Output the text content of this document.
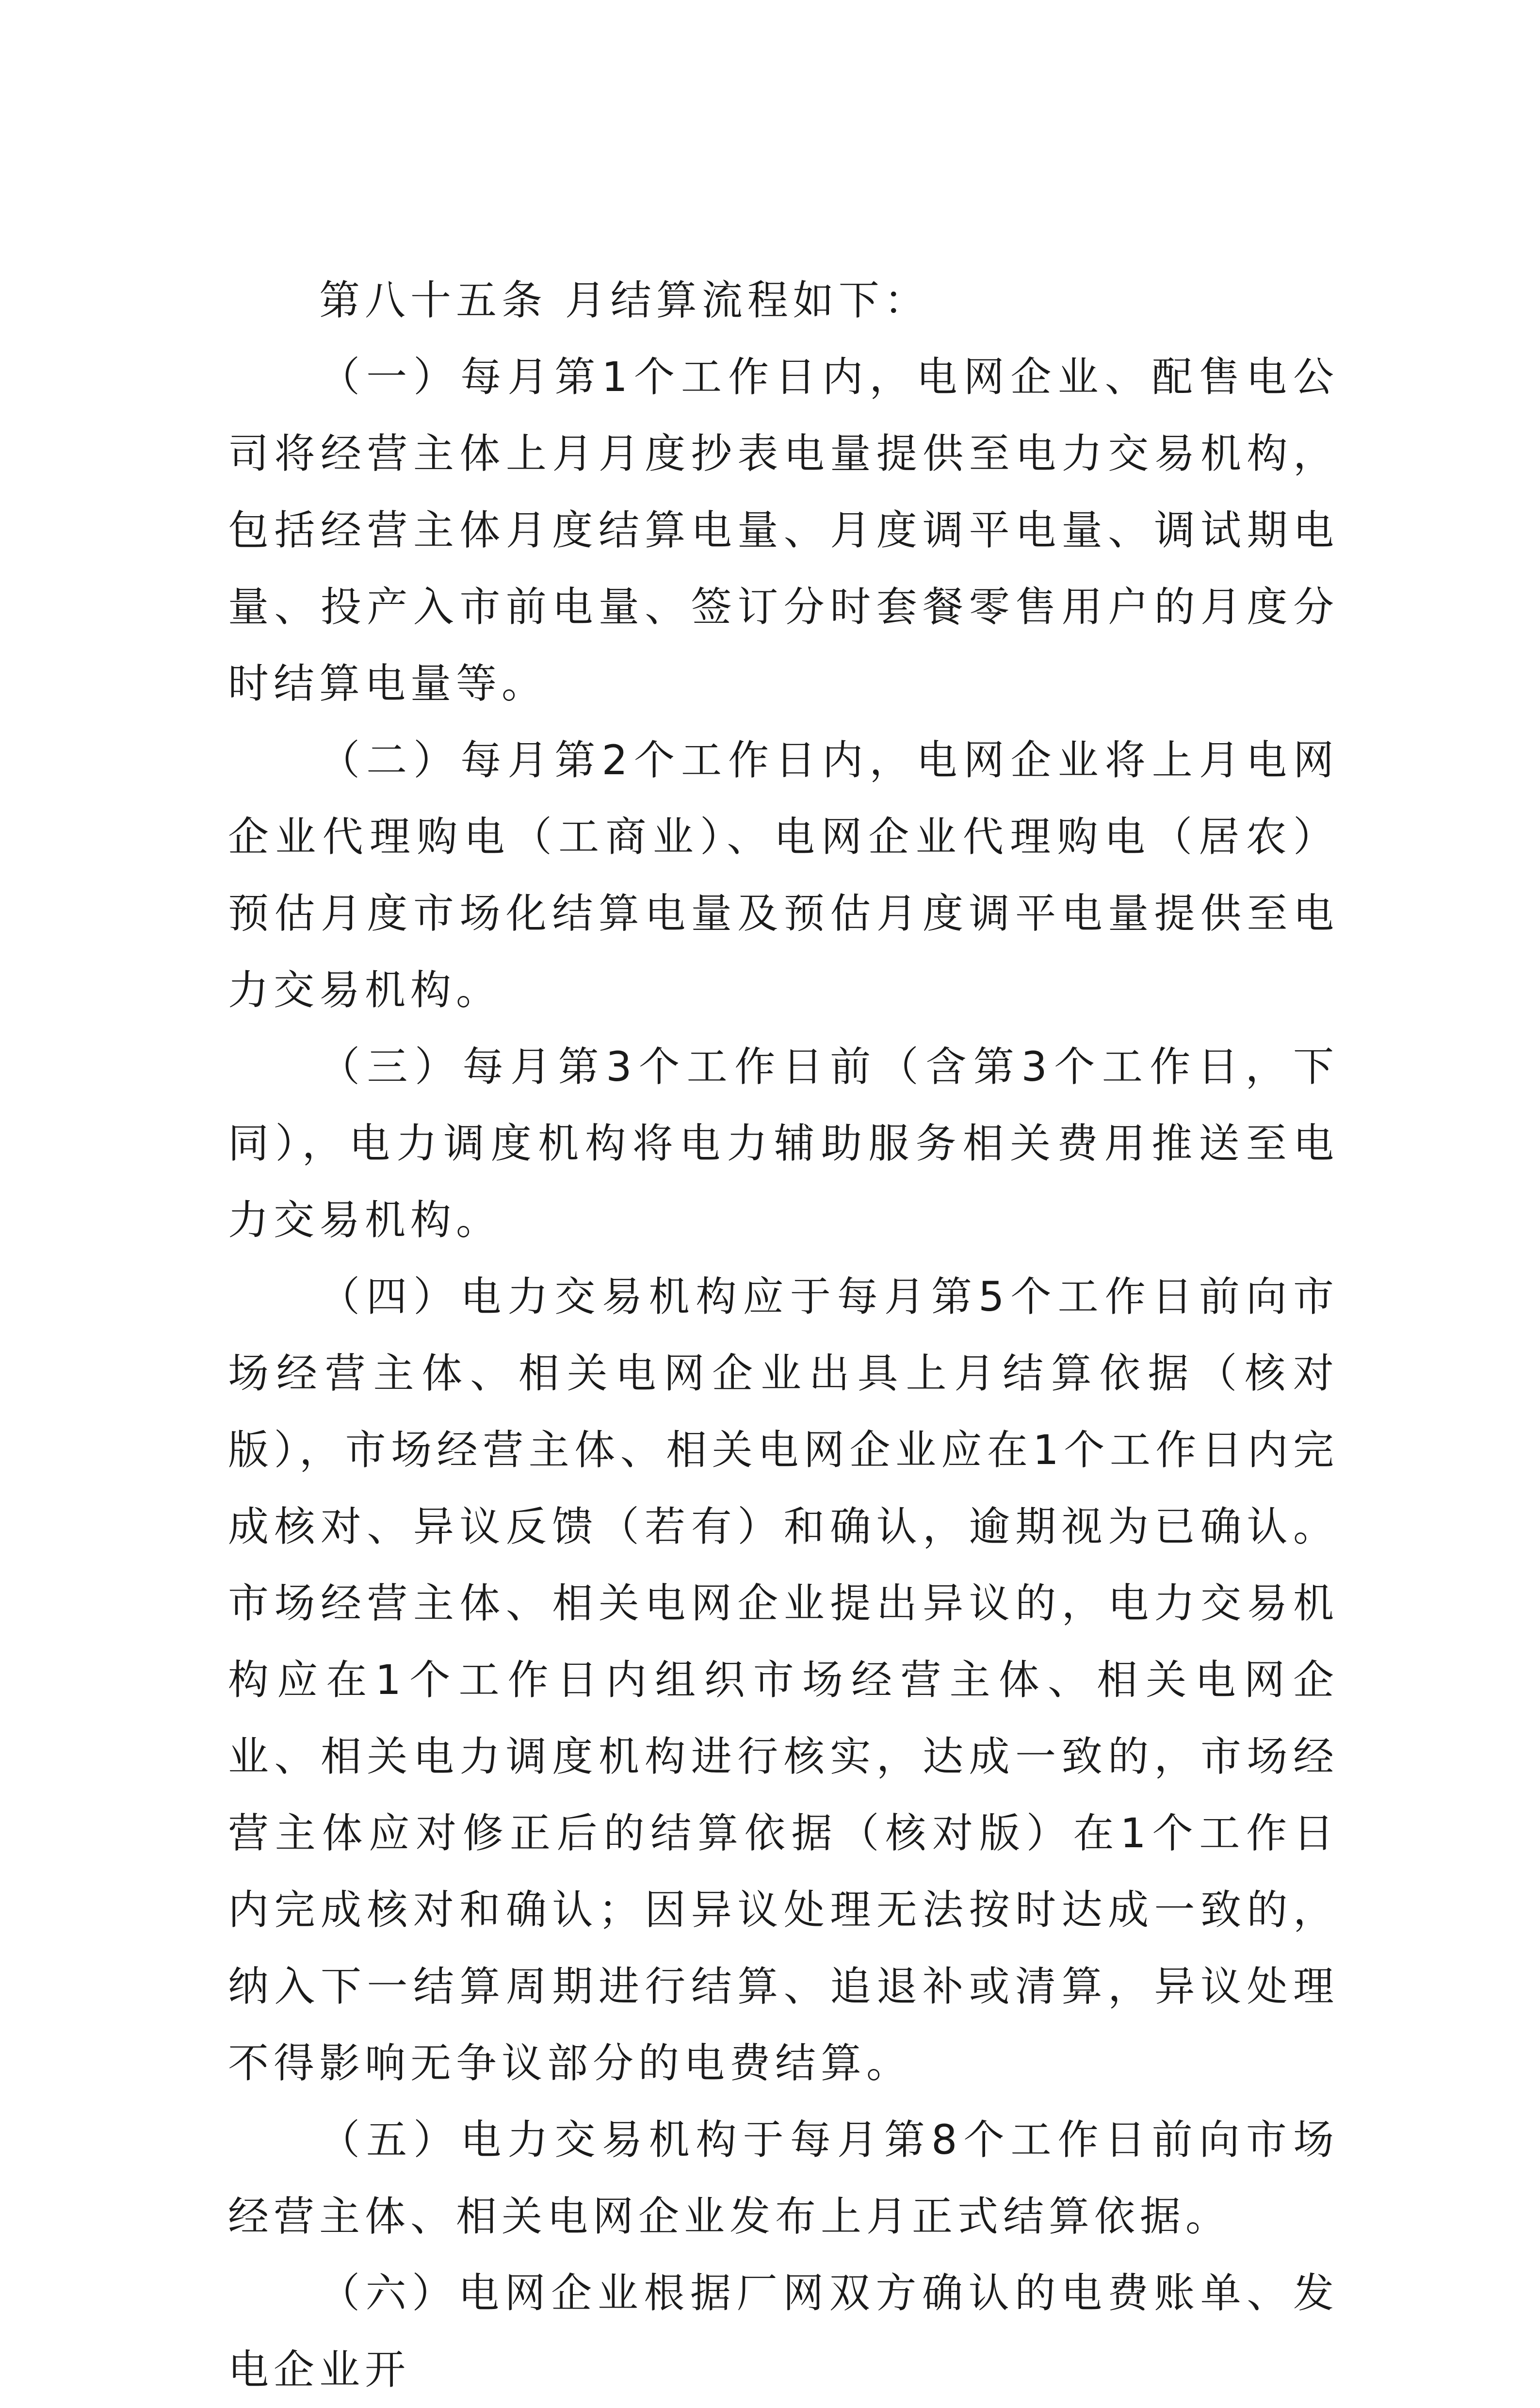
第八十五条 月结算流程如下：

（一）每月第1个工作日内，电网企业、配售电公司将经营主体上月月度抄表电量提供至电力交易机构，包括经营主体月度结算电量、月度调平电量、调试期电量、投产入市前电量、签订分时套餐零售用户的月度分时结算电量等。

（二）每月第2个工作日内，电网企业将上月电网企业代理购电（工商业）、电网企业代理购电（居农）预估月度市场化结算电量及预估月度调平电量提供至电力交易机构。

（三）每月第3个工作日前（含第3个工作日，下同），电力调度机构将电力辅助服务相关费用推送至电力交易机构。

（四）电力交易机构应于每月第5个工作日前向市场经营主体、相关电网企业出具上月结算依据（核对版），市场经营主体、相关电网企业应在1个工作日内完成核对、异议反馈（若有）和确认，逾期视为已确认。市场经营主体、相关电网企业提出异议的，电力交易机构应在1个工作日内组织市场经营主体、相关电网企业、相关电力调度机构进行核实，达成一致的，市场经营主体应对修正后的结算依据（核对版）在1个工作日内完成核对和确认；因异议处理无法按时达成一致的，纳入下一结算周期进行结算、追退补或清算，异议处理不得影响无争议部分的电费结算。

（五）电力交易机构于每月第8个工作日前向市场经营主体、相关电网企业发布上月正式结算依据。

（六）电网企业根据厂网双方确认的电费账单、发电企业开
